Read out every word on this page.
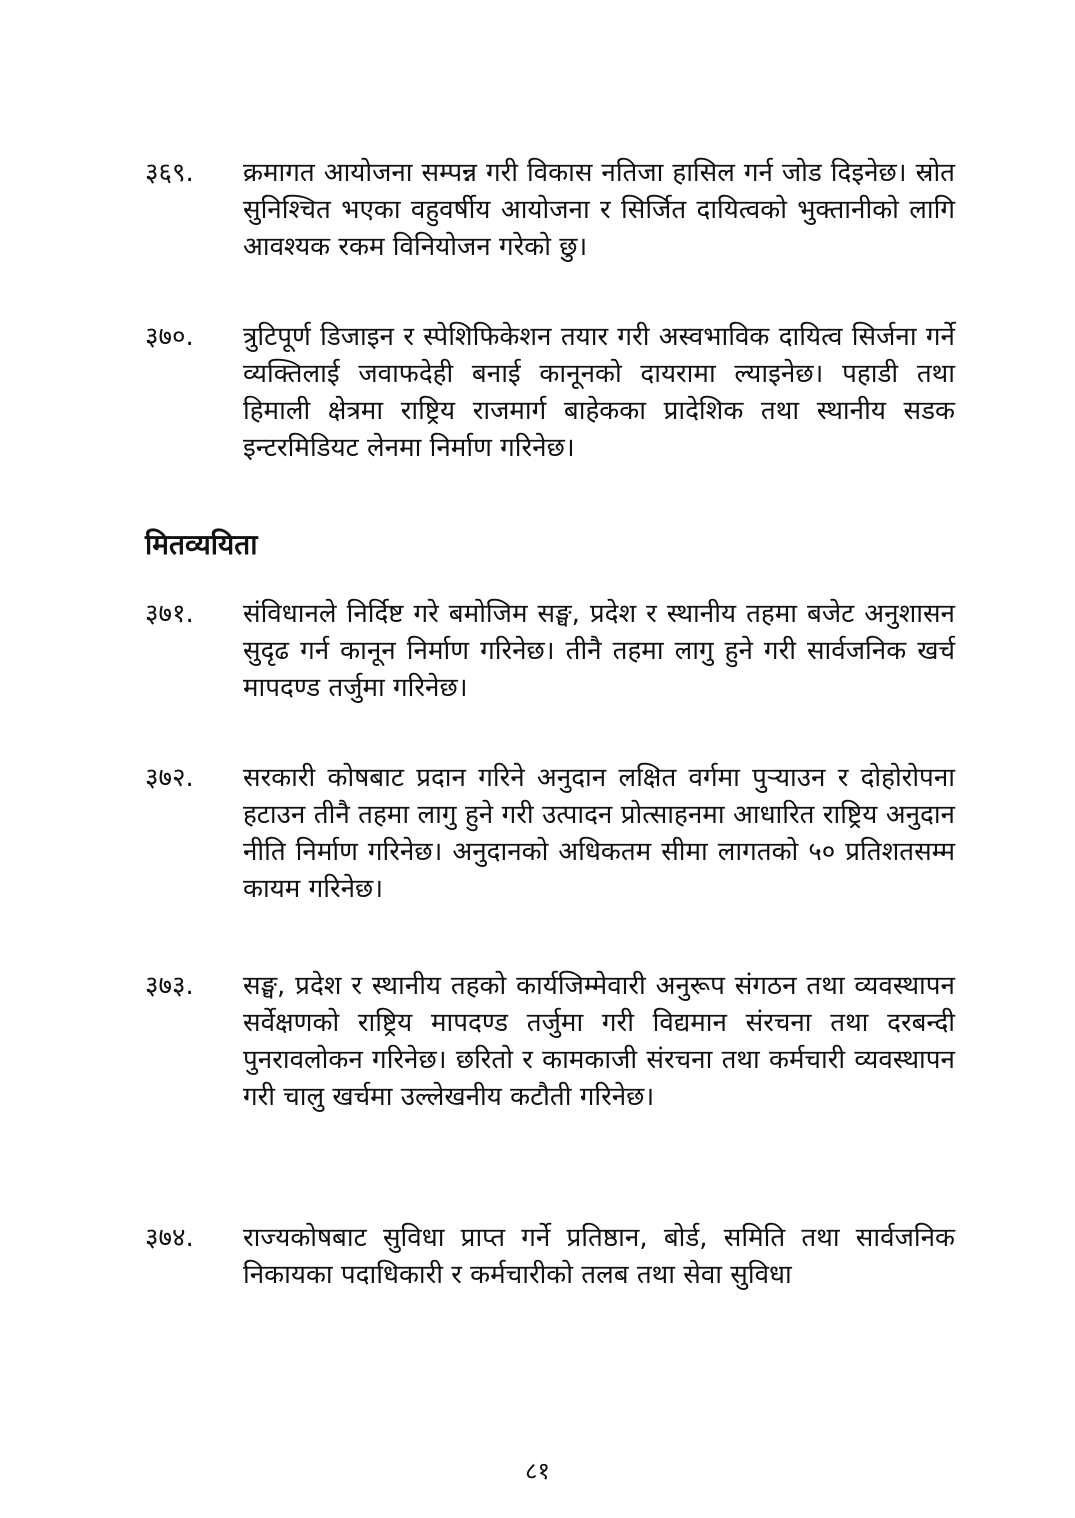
३६९.	क्रमागत आयोजना सम्पन्न गरी विकास नतिजा हासिल गर्न जोड दिइनेछ। स्रोत सुनिश्चित भएका वहुवर्षीय आयोजना र सिर्जित दायित्वको भुक्तानीको लागि आवश्यक रकम विनियोजन गरेको छु।
३७०.	त्रुटिपूर्ण डिजाइन र स्पेशिफिकेशन तयार गरी अस्वभाविक दायित्व सिर्जना गर्ने व्यक्तिलाई जवाफदेही बनाई कानूनको दायरामा ल्याइनेछ। पहाडी तथा हिमाली क्षेत्रमा राष्ट्रिय राजमार्ग बाहेकका प्रादेशिक तथा स्थानीय सडक इन्टरमिडियट लेनमा निर्माण गरिनेछ।
मितव्ययिता
३७१.	संविधानले निर्दिष्ट गरे बमोजिम सङ्घ, प्रदेश र स्थानीय तहमा बजेट अनुशासन सुदृढ गर्न कानून निर्माण गरिनेछ। तीनै तहमा लागु हुने गरी सार्वजनिक खर्च मापदण्ड तर्जुमा गरिनेछ।
३७२.	सरकारी कोषबाट प्रदान गरिने अनुदान लक्षित वर्गमा पुऱ्याउन र दोहोरोपना हटाउन तीनै तहमा लागु हुने गरी उत्पादन प्रोत्साहनमा आधारित राष्ट्रिय अनुदान नीति निर्माण गरिनेछ। अनुदानको अधिकतम सीमा लागतको ५० प्रतिशतसम्म कायम गरिनेछ।
३७३.	सङ्घ, प्रदेश र स्थानीय तहको कार्यजिम्मेवारी अनुरूप संगठन तथा व्यवस्थापन सर्वेक्षणको राष्ट्रिय मापदण्ड तर्जुमा गरी विद्यमान संरचना तथा दरबन्दी पुनरावलोकन गरिनेछ। छरितो र कामकाजी संरचना तथा कर्मचारी व्यवस्थापन गरी चालु खर्चमा उल्लेखनीय कटौती गरिनेछ।
३७४.	राज्यकोषबाट सुविधा प्राप्त गर्ने प्रतिष्ठान, बोर्ड, समिति तथा सार्वजनिक निकायका पदाधिकारी र कर्मचारीको तलब तथा सेवा सुविधा
८१
